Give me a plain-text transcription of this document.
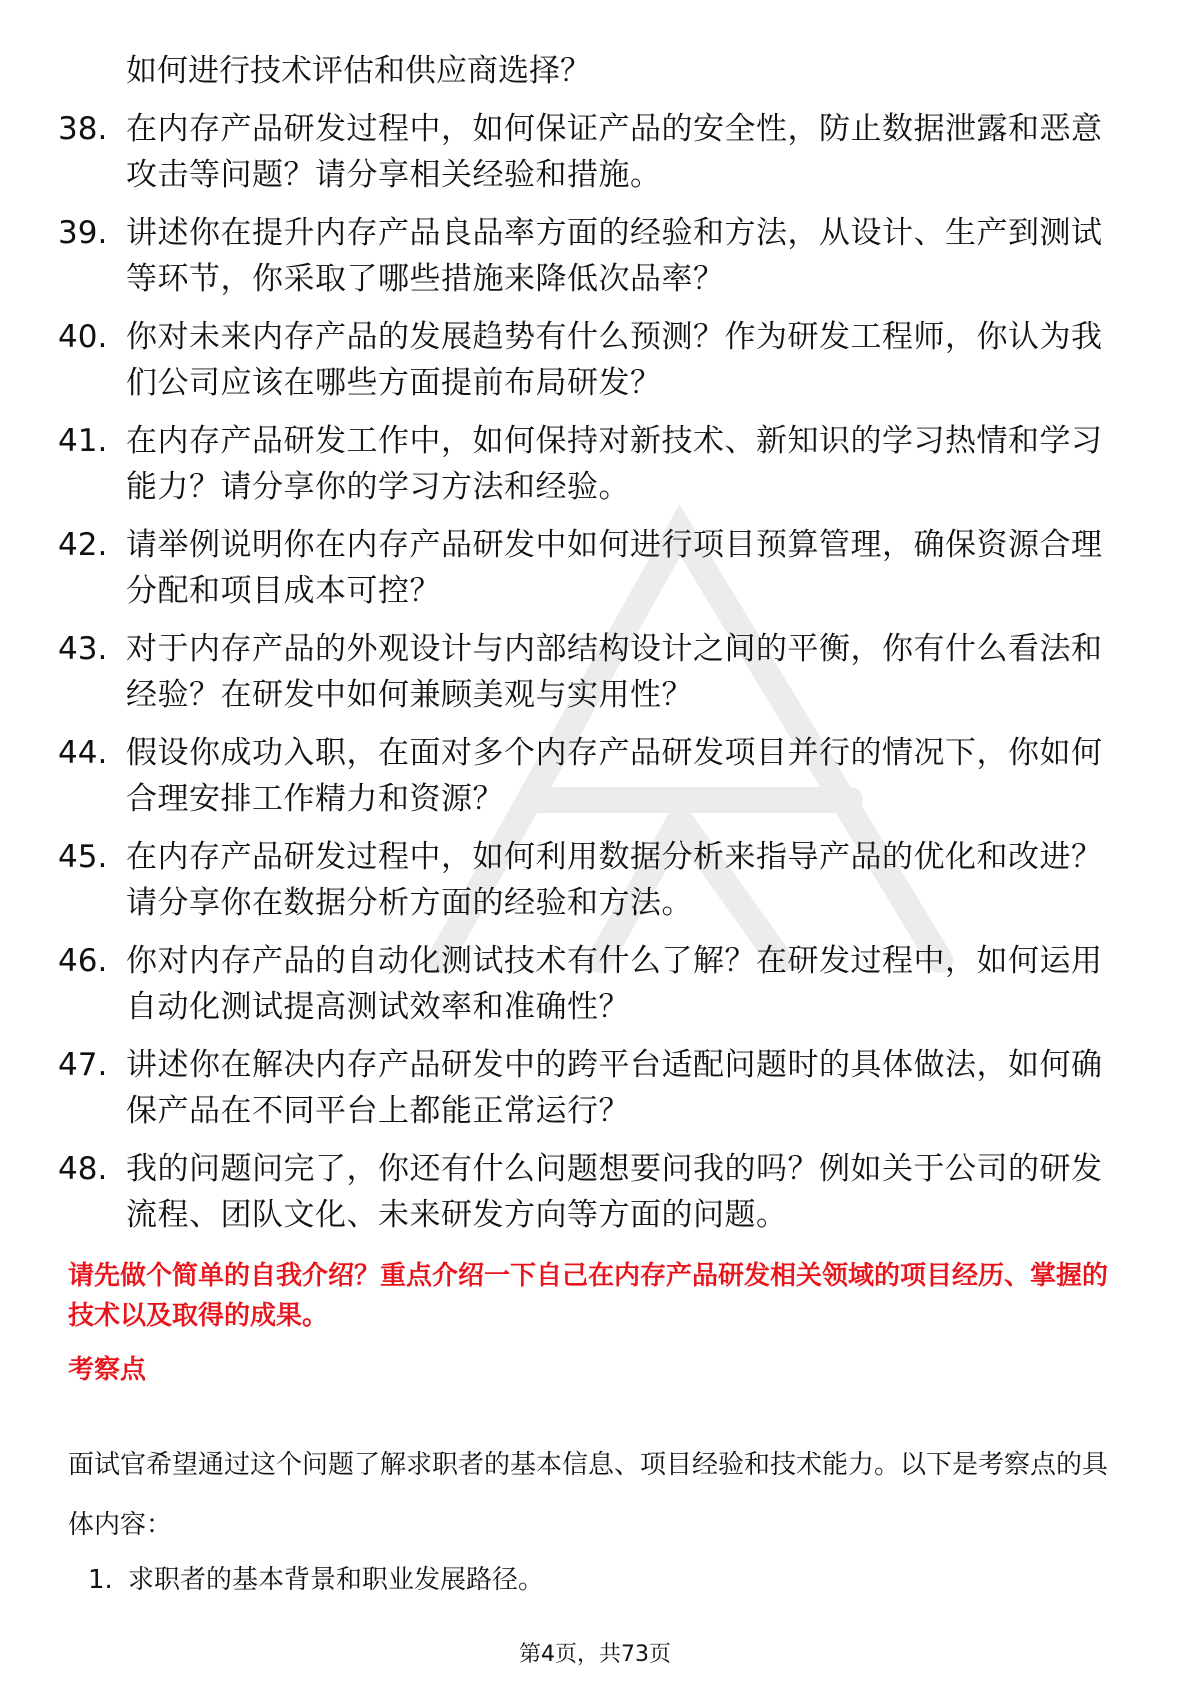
如何进行技术评估和供应商选择？
38. 在内存产品研发过程中，如何保证产品的安全性，防止数据泄露和恶意攻击等问题？请分享相关经验和措施。
39. 讲述你在提升内存产品良品率方面的经验和方法，从设计、生产到测试等环节，你采取了哪些措施来降低次品率？
40. 你对未来内存产品的发展趋势有什么预测？作为研发工程师，你认为我们公司应该在哪些方面提前布局研发？
41. 在内存产品研发工作中，如何保持对新技术、新知识的学习热情和学习能力？请分享你的学习方法和经验。
42. 请举例说明你在内存产品研发中如何进行项目预算管理，确保资源合理分配和项目成本可控？
43. 对于内存产品的外观设计与内部结构设计之间的平衡，你有什么看法和经验？在研发中如何兼顾美观与实用性？
44. 假设你成功入职，在面对多个内存产品研发项目并行的情况下，你如何合理安排工作精力和资源？
45. 在内存产品研发过程中，如何利用数据分析来指导产品的优化和改进？请分享你在数据分析方面的经验和方法。
46. 你对内存产品的自动化测试技术有什么了解？在研发过程中，如何运用自动化测试提高测试效率和准确性？
47. 讲述你在解决内存产品研发中的跨平台适配问题时的具体做法，如何确保产品在不同平台上都能正常运行？
48. 我的问题问完了，你还有什么问题想要问我的吗？例如关于公司的研发流程、团队文化、未来研发方向等方面的问题。
请先做个简单的自我介绍？重点介绍一下自己在内存产品研发相关领域的项目经历、掌握的技术以及取得的成果。
考察点
面试官希望通过这个问题了解求职者的基本信息、项目经验和技术能力。以下是考察点的具体内容：
1. 求职者的基本背景和职业发展路径。
第4页，共73页
